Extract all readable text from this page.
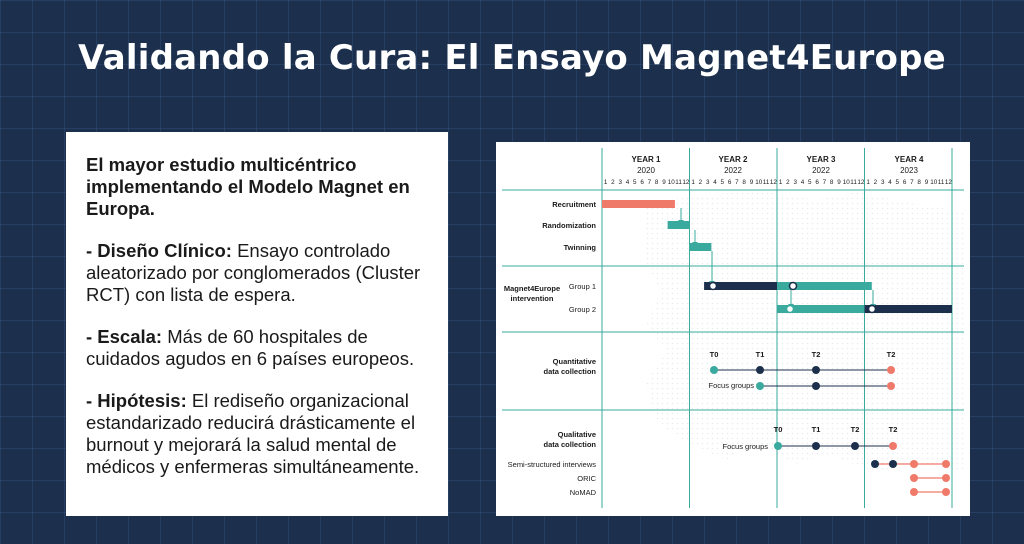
Validando la Cura: El Ensayo Magnet4Europe

El mayor estudio multicéntrico implementando el Modelo Magnet en Europa.

- Diseño Clínico: Ensayo controlado aleatorizado por conglomerados (Cluster RCT) con lista de espera.

- Escala: Más de 60 hospitales de cuidados agudos en 6 países europeos.

- Hipótesis: El rediseño organizacional estandarizado reducirá drásticamente el burnout y mejorará la salud mental de médicos y enfermeras simultáneamente.

YEAR 1
2020
YEAR 2
2022
YEAR 3
2022
YEAR 4
2023
1 2 3 4 5 6 7 8 9 10 11 12 1 2 3 4 5 6 7 8 9 10 11 12 1 2 3 4 5 6 7 8 9 10 11 12 1 2 3 4 5 6 7 8 9 10 11 12
Recruitment
Randomization
Twinning
Magnet4Europe
intervention
Group 1
Group 2
Quantitative
data collection
Focus groups
Qualitative
data collection	Focus groups
Semi-structured interviews
ORIC
NoMAD
T0	T1	T2	T2
T0	T1	T2	T2
